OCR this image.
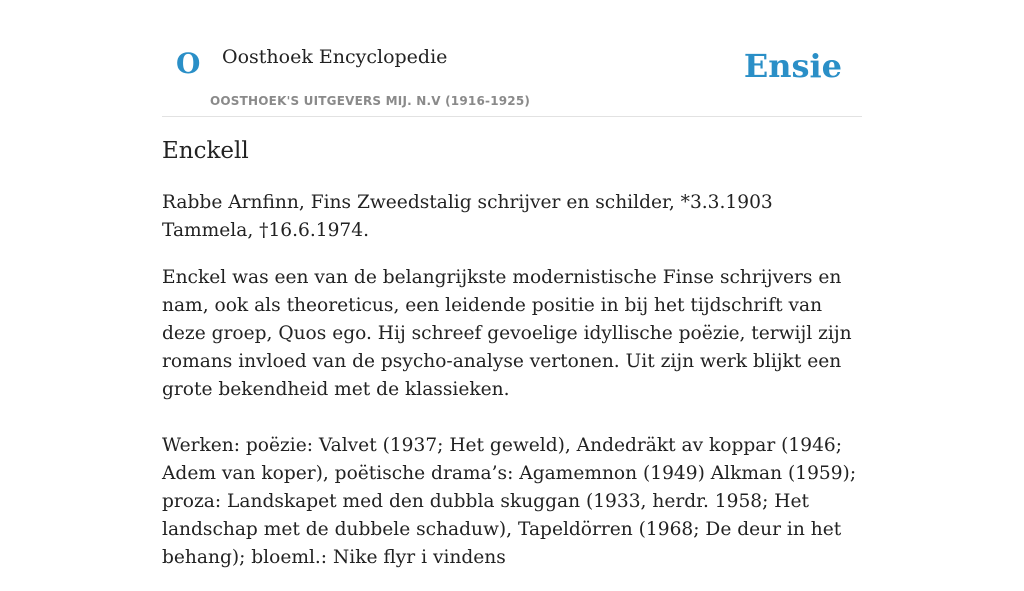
O Oosthoek Encyclopedie
OOSTHOEK'S UITGEVERS MIJ. N.V (1916-1925)
Ensie
Enckell

Rabbe Arnfinn, Fins Zweedstalig schrijver en schilder, *3.3.1903 Tammela, †16.6.1974.

Enckel was een van de belangrijkste modernistische Finse schrijvers en nam, ook als theoreticus, een leidende positie in bij het tijdschrift van deze groep, Quos ego. Hij schreef gevoelige idyllische poëzie, terwijl zijn romans invloed van de psycho-analyse vertonen. Uit zijn werk blijkt een grote bekendheid met de klassieken.

Werken: poëzie: Valvet (1937; Het geweld), Andedräkt av koppar (1946; Adem van koper), poëtische drama’s: Agamemnon (1949) Alkman (1959); proza: Landskapet med den dubbla skuggan (1933, herdr. 1958; Het landschap met de dubbele schaduw), Tapeldörren (1968; De deur in het behang); bloeml.: Nike flyr i vindens
